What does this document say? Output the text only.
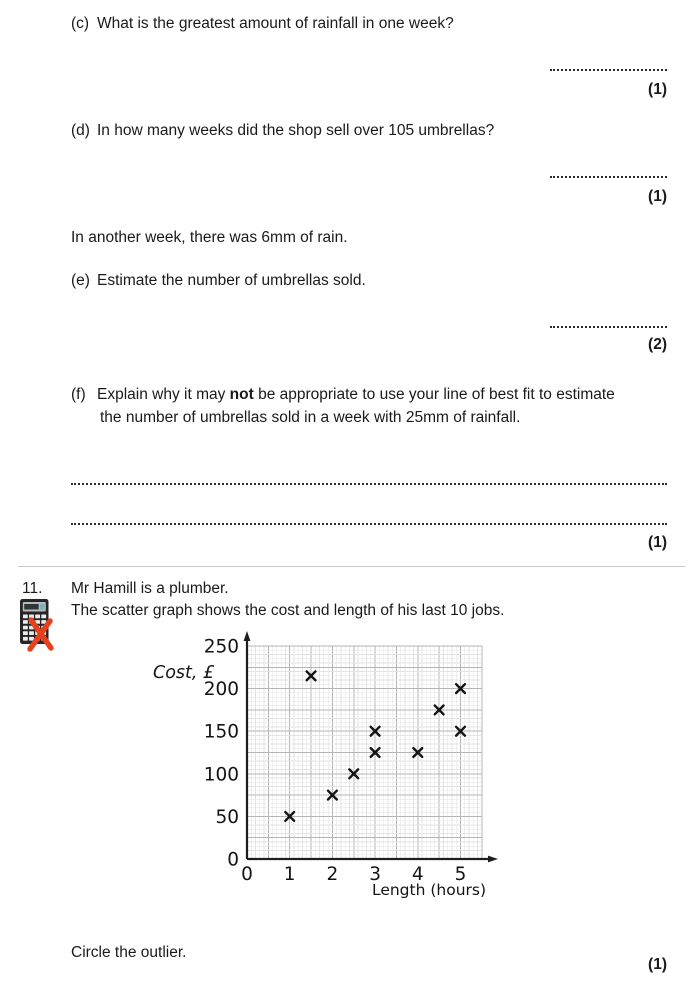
(c) What is the greatest amount of rainfall in one week?
(1)
(d) In how many weeks did the shop sell over 105 umbrellas?
(1)
In another week, there was 6mm of rain.
(e) Estimate the number of umbrellas sold.
(2)
(f) Explain why it may not be appropriate to use your line of best fit to estimate
the number of umbrellas sold in a week with 25mm of rainfall.
(1)
11. Mr Hamill is a plumber.
The scatter graph shows the cost and length of his last 10 jobs.
0
50
100
150
200
250
0 1 2 3 4 5
Cost, £
Length (hours)
Circle the outlier.
(1)
